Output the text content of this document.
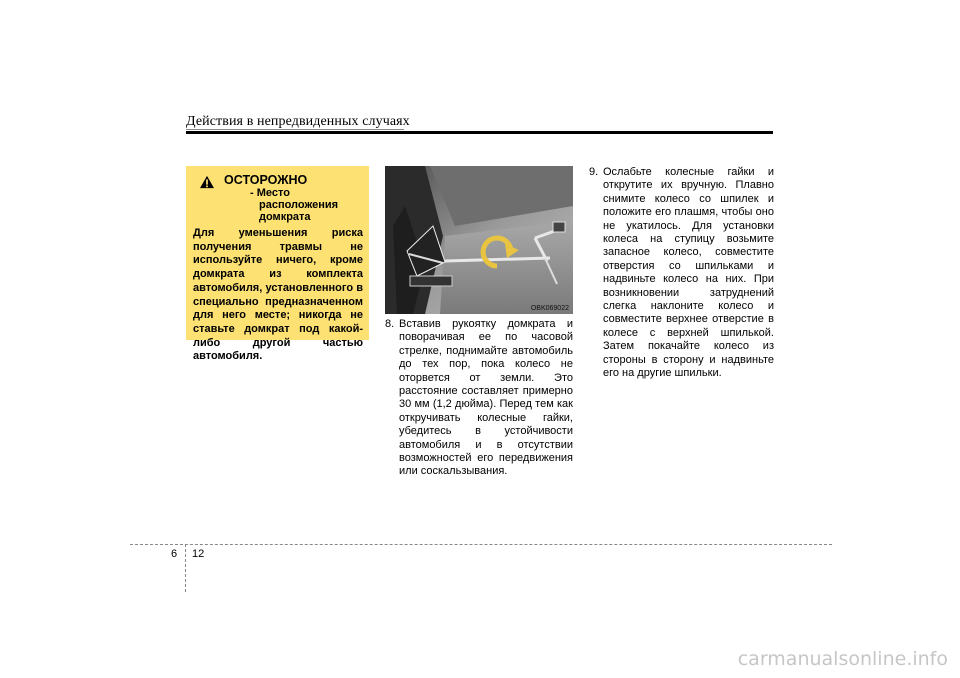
Действия в непредвиденных случаях
ОСТОРОЖНО
- Место расположения домкрата
Для уменьшения риска получения травмы не используйте ничего, кроме домкрата из комплекта автомобиля, установленного в специально предназначенном для него месте; никогда не ставьте домкрат под какой-либо другой частью автомобиля.
OBK069022
8. Вставив рукоятку домкрата и поворачивая ее по часовой стрелке, поднимайте автомобиль до тех пор, пока колесо не оторвется от земли. Это расстояние составляет примерно 30 мм (1,2 дюйма). Перед тем как откручивать колесные гайки, убедитесь в устойчивости автомобиля и в отсутствии возможностей его передвижения или соскальзывания.
9. Ослабьте колесные гайки и открутите их вручную. Плавно снимите колесо со шпилек и положите его плашмя, чтобы оно не укатилось. Для установки колеса на ступицу возьмите запасное колесо, совместите отверстия со шпильками и надвиньте колесо на них. При возникновении затруднений слегка наклоните колесо и совместите верхнее отверстие в колесе с верхней шпилькой. Затем покачайте колесо из стороны в сторону и надвиньте его на другие шпильки.
6 12
carmanualsonline.info
